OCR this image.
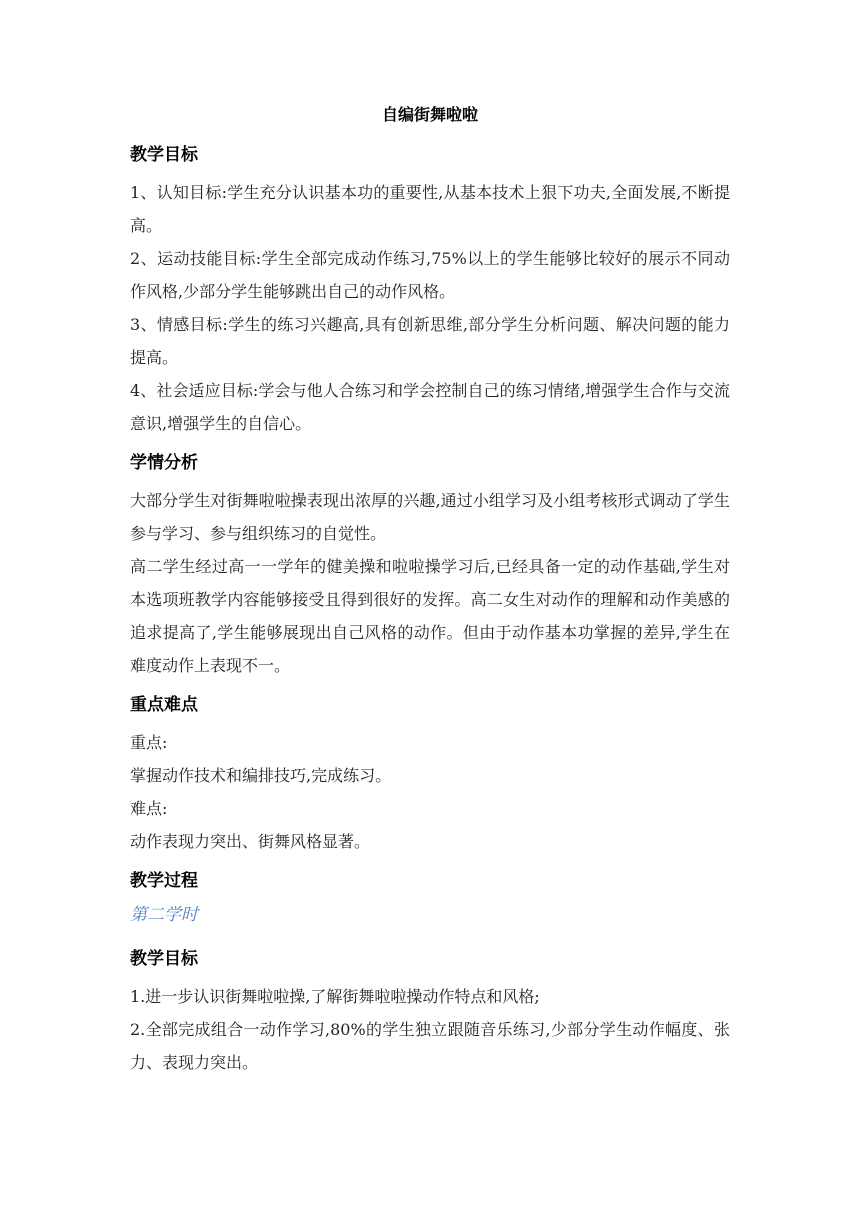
自编街舞啦啦
教学目标

1、认知目标:学生充分认识基本功的重要性,从基本技术上狠下功夫,全面发展,不断提高。

2、运动技能目标:学生全部完成动作练习,75%以上的学生能够比较好的展示不同动作风格,少部分学生能够跳出自己的动作风格。

3、情感目标:学生的练习兴趣高,具有创新思维,部分学生分析问题、解决问题的能力提高。

4、社会适应目标:学会与他人合练习和学会控制自己的练习情绪,增强学生合作与交流意识,增强学生的自信心。

学情分析

大部分学生对街舞啦啦操表现出浓厚的兴趣,通过小组学习及小组考核形式调动了学生参与学习、参与组织练习的自觉性。

高二学生经过高一一学年的健美操和啦啦操学习后,已经具备一定的动作基础,学生对本选项班教学内容能够接受且得到很好的发挥。高二女生对动作的理解和动作美感的追求提高了,学生能够展现出自己风格的动作。但由于动作基本功掌握的差异,学生在难度动作上表现不一。

重点难点

重点:

掌握动作技术和编排技巧,完成练习。

难点:

动作表现力突出、街舞风格显著。

教学过程
第二学时
教学目标

1.进一步认识街舞啦啦操,了解街舞啦啦操动作特点和风格;

2.全部完成组合一动作学习,80%的学生独立跟随音乐练习,少部分学生动作幅度、张力、表现力突出。
